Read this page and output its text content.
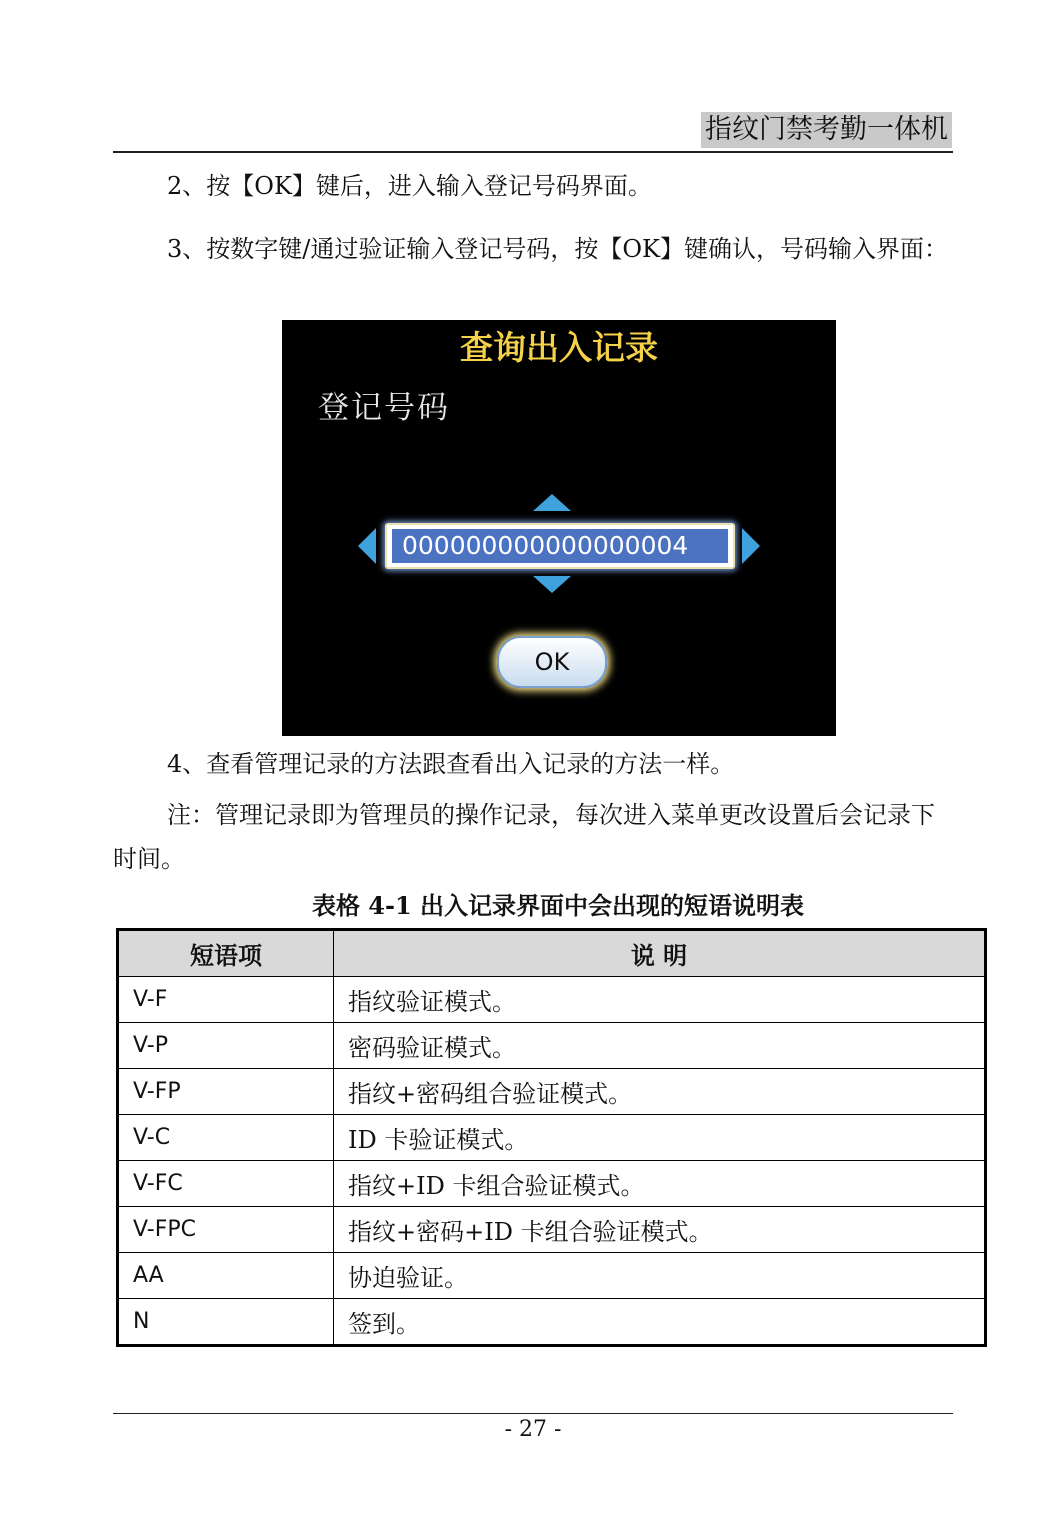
指纹门禁考勤一体机

2、按【OK】键后，进入输入登记号码界面。

3、按数字键/通过验证输入登记号码，按【OK】键确认，号码输入界面：

查询出入记录
登记号码
000000000000000004
OK

4、查看管理记录的方法跟查看出入记录的方法一样。

注：管理记录即为管理员的操作记录，每次进入菜单更改设置后会记录下时间。

表格 4-1 出入记录界面中会出现的短语说明表
短语项	说 明
V-F	指纹验证模式。
V-P	密码验证模式。
V-FP	指纹+密码组合验证模式。
V-C	ID 卡验证模式。
V-FC	指纹+ID 卡组合验证模式。
V-FPC	指纹+密码+ID 卡组合验证模式。
AA	协迫验证。
N	签到。
- 27 -
